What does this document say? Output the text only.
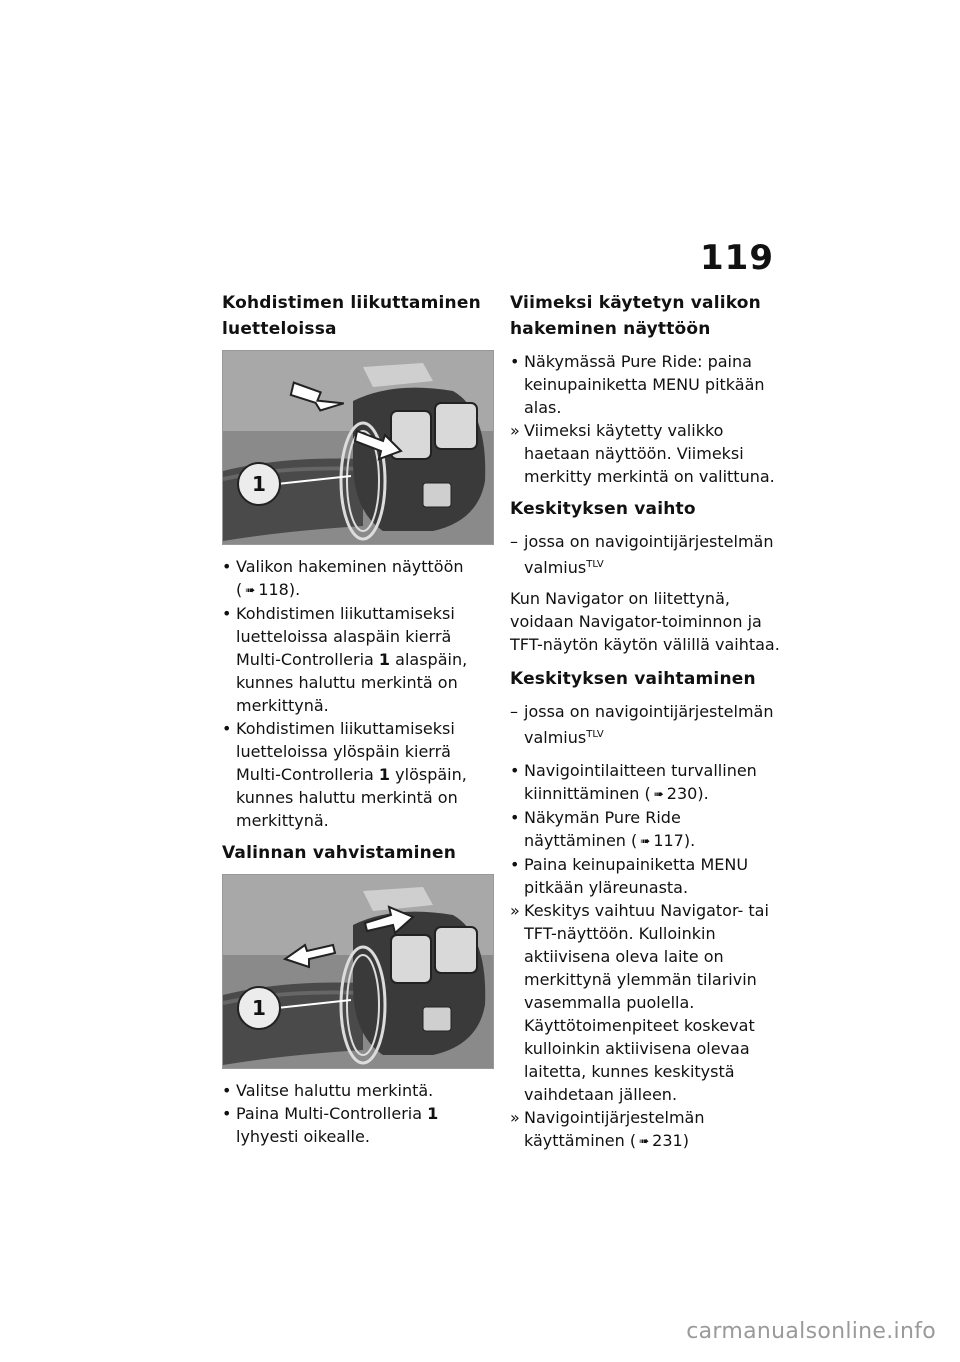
119
Kohdistimen liikuttaminen luetteloissa
1
• Valikon hakeminen näyttöön ( ➠ 118).
• Kohdistimen liikuttamiseksi luetteloissa alaspäin kierrä Multi-Controlleria 1 alaspäin, kunnes haluttu merkintä on merkittynä.
• Kohdistimen liikuttamiseksi luetteloissa ylöspäin kierrä Multi-Controlleria 1 ylöspäin, kunnes haluttu merkintä on merkittynä.
Valinnan vahvistaminen
1
• Valitse haluttu merkintä.
• Paina Multi-Controlleria 1 lyhyesti oikealle.
Viimeksi käytetyn valikon hakeminen näyttöön
• Näkymässä Pure Ride: paina keinupainiketta MENU pitkään alas.
» Viimeksi käytetty valikko haetaan näyttöön. Viimeksi merkitty merkintä on valittuna.
Keskityksen vaihto
– jossa on navigointijärjestelmän valmius$^{TLV}$

Kun Navigator on liitettynä, voidaan Navigator-toiminnon ja TFT-näytön käytön välillä vaihtaa.

Keskityksen vaihtaminen
– jossa on navigointijärjestelmän valmius$^{TLV}$
• Navigointilaitteen turvallinen kiinnittäminen ( ➠ 230).
• Näkymän Pure Ride näyttäminen ( ➠ 117).
• Paina keinupainiketta MENU pitkään yläreunasta.
» Keskitys vaihtuu Navigator- tai TFT-näyttöön. Kulloinkin aktiivisena oleva laite on merkittynä ylemmän tilarivin vasemmalla puolella. Käyttötoimenpiteet koskevat kulloinkin aktiivisena olevaa laitetta, kunnes keskitystä vaihdetaan jälleen.
» Navigointijärjestelmän käyttäminen ( ➠ 231)
carmanualsonline.info
